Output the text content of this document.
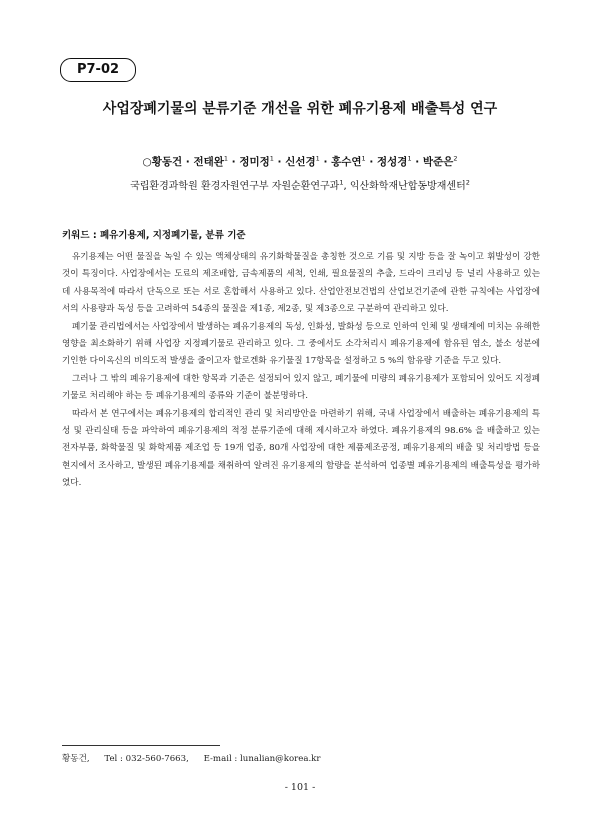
P7-02
사업장폐기물의 분류기준 개선을 위한 폐유기용제 배출특성 연구
○황동건 · 전태완$^1$ · 정미정$^1$ · 신선경$^1$ · 홍수연$^1$ · 정성경$^1$ · 박준은$^2$
국립환경과학원 환경자원연구부 자원순환연구과$^1$, 익산화학재난합동방재센터$^2$
키워드 : 폐유기용제, 지정폐기물, 분류 기준

유기용제는 어떤 물질을 녹일 수 있는 액체상태의 유기화학물질을 총칭한 것으로 기름 및 지방 등을 잘 녹이고 휘발성이 강한 것이 특징이다. 사업장에서는 도료의 제조배합, 금속제품의 세척, 인쇄, 필요물질의 추출, 드라이 크리닝 등 널리 사용하고 있는데 사용목적에 따라서 단독으로 또는 서로 혼합해서 사용하고 있다. 산업안전보건법의 산업보건기준에 관한 규칙에는 사업장에서의 사용량과 독성 등을 고려하여 54종의 물질을 제1종, 제2종, 및 제3종으로 구분하여 관리하고 있다.

폐기물 관리법에서는 사업장에서 발생하는 폐유기용제의 독성, 인화성, 발화성 등으로 인하여 인체 및 생태계에 미치는 유해한 영향을 최소화하기 위해 사업장 지정폐기물로 관리하고 있다. 그 중에서도 소각처리시 폐유기용제에 함유된 염소, 불소 성분에 기인한 다이옥신의 비의도적 발생을 줄이고자 할로겐화 유기물질 17항목을 설정하고 5 %의 함유량 기준을 두고 있다.

그러나 그 밖의 폐유기용제에 대한 항목과 기준은 설정되어 있지 않고, 폐기물에 미량의 폐유기용제가 포함되어 있어도 지정폐기물로 처리해야 하는 등 폐유기용제의 종류와 기준이 불분명하다.

따라서 본 연구에서는 폐유기용제의 합리적인 관리 및 처리방안을 마련하기 위해, 국내 사업장에서 배출하는 폐유기용제의 특성 및 관리실태 등을 파악하여 폐유기용제의 적정 분류기준에 대해 제시하고자 하였다. 폐유기용제의 98.6% 을 배출하고 있는 전자부품, 화학물질 및 화학제품 제조업 등 19개 업종, 80개 사업장에 대한 제품제조공정, 폐유기용제의 배출 및 처리방법 등을 현지에서 조사하고, 발생된 폐유기용제를 채취하여 알려진 유기용제의 함량을 분석하여 업종별 폐유기용제의 배출특성을 평가하였다.

황동건, Tel : 032-560-7663, E-mail : lunalian@korea.kr
- 101 -
